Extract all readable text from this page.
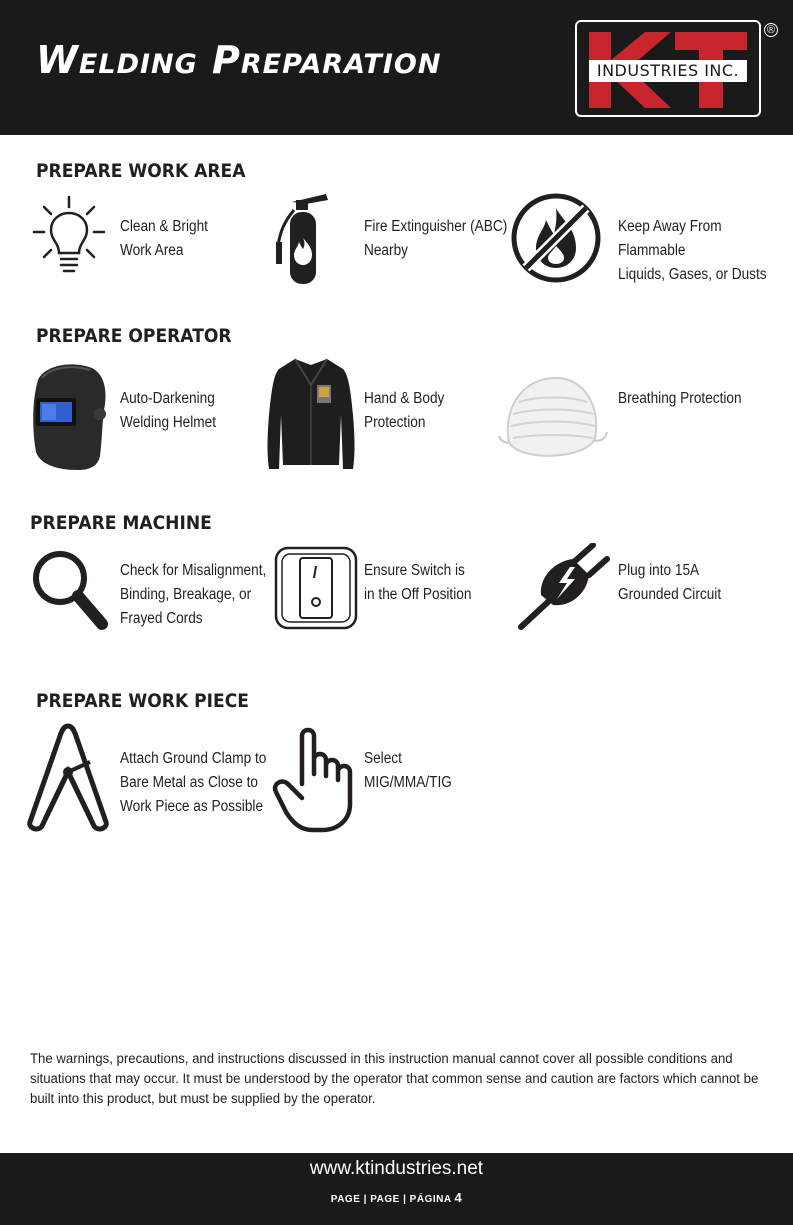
Welding Preparation	INDUSTRIES INC.
®
PREPARE WORK AREA
Clean & Bright
Work Area
Fire Extinguisher (ABC)
Nearby
Keep Away From Flammable
Liquids, Gases, or Dusts
PREPARE OPERATOR
Auto-Darkening
Welding Helmet
Hand & Body
Protection
Breathing Protection
PREPARE MACHINE
Check for Misalignment,
Binding, Breakage, or
Frayed Cords
Ensure Switch is
in the Off Position
Plug into 15A
Grounded Circuit
PREPARE WORK PIECE
Attach Ground Clamp to
Bare Metal as Close to
Work Piece as Possible
Select
MIG/MMA/TIG
The warnings, precautions, and instructions discussed in this instruction manual cannot cover all possible conditions and situations that may occur. It must be understood by the operator that common sense and caution are factors which cannot be built into this product, but must be supplied by the operator.
www.ktindustries.net
PAGE | PAGE | PÁGINA 4
